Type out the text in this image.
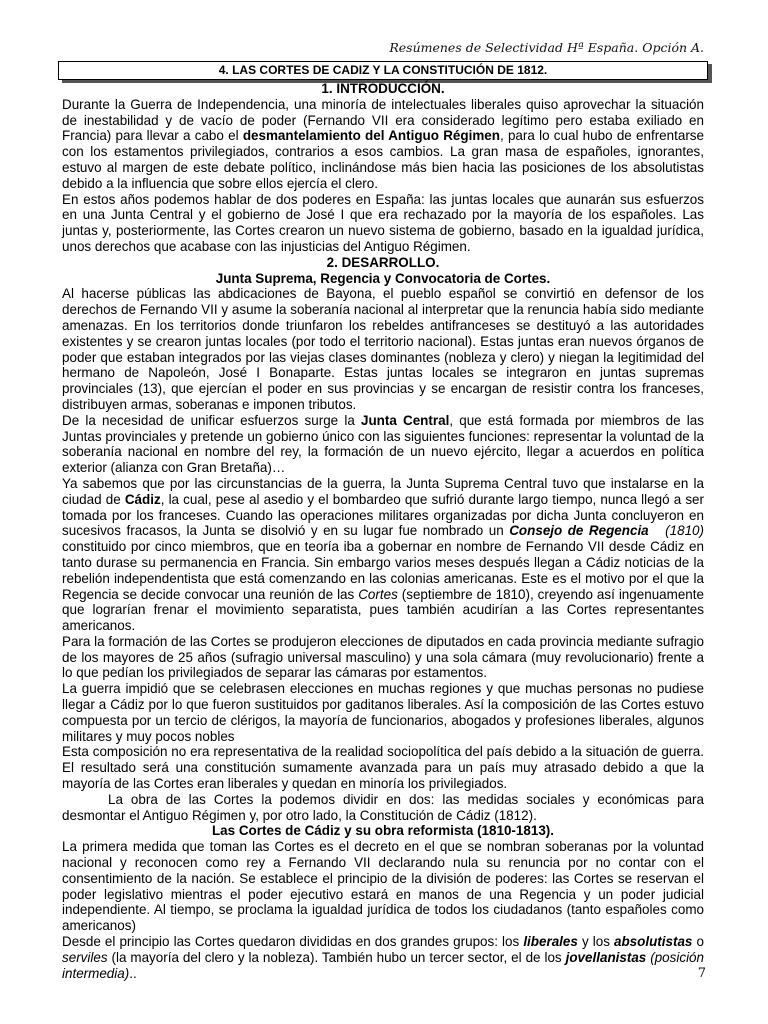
Resúmenes de Selectividad Hª España. Opción A.
4. LAS CORTES DE CADIZ Y LA CONSTITUCIÓN DE 1812.
1. INTRODUCCIÓN.

Durante la Guerra de Independencia, una minoría de intelectuales liberales quiso aprovechar la situación de inestabilidad y de vacío de poder (Fernando VII era considerado legítimo pero estaba exiliado en Francia) para llevar a cabo el desmantelamiento del Antiguo Régimen, para lo cual hubo de enfrentarse con los estamentos privilegiados, contrarios a esos cambios. La gran masa de españoles, ignorantes, estuvo al margen de este debate político, inclinándose más bien hacia las posiciones de los absolutistas debido a la influencia que sobre ellos ejercía el clero.

En estos años podemos hablar de dos poderes en España: las juntas locales que aunarán sus esfuerzos en una Junta Central y el gobierno de José I que era rechazado por la mayoría de los españoles. Las juntas y, posteriormente, las Cortes crearon un nuevo sistema de gobierno, basado en la igualdad jurídica, unos derechos que acabase con las injusticias del Antiguo Régimen.

2. DESARROLLO.
Junta Suprema, Regencia y Convocatoria de Cortes.

Al hacerse públicas las abdicaciones de Bayona, el pueblo español se convirtió en defensor de los derechos de Fernando VII y asume la soberanía nacional al interpretar que la renuncia había sido mediante amenazas. En los territorios donde triunfaron los rebeldes antifranceses se destituyó a las autoridades existentes y se crearon juntas locales (por todo el territorio nacional). Estas juntas eran nuevos órganos de poder que estaban integrados por las viejas clases dominantes (nobleza y clero) y niegan la legitimidad del hermano de Napoleón, José I Bonaparte. Estas juntas locales se integraron en juntas supremas provinciales (13), que ejercían el poder en sus provincias y se encargan de resistir contra los franceses, distribuyen armas, soberanas e imponen tributos.

De la necesidad de unificar esfuerzos surge la Junta Central, que está formada por miembros de las Juntas provinciales y pretende un gobierno único con las siguientes funciones: representar la voluntad de la soberanía nacional en nombre del rey, la formación de un nuevo ejército, llegar a acuerdos en política exterior (alianza con Gran Bretaña)…

Ya sabemos que por las circunstancias de la guerra, la Junta Suprema Central tuvo que instalarse en la ciudad de Cádiz, la cual, pese al asedio y el bombardeo que sufrió durante largo tiempo, nunca llegó a ser tomada por los franceses. Cuando las operaciones militares organizadas por dicha Junta concluyeron en sucesivos fracasos, la Junta se disolvió y en su lugar fue nombrado un Consejo de Regencia (1810) constituido por cinco miembros, que en teoría iba a gobernar en nombre de Fernando VII desde Cádiz en tanto durase su permanencia en Francia. Sin embargo varios meses después llegan a Cádiz noticias de la rebelión independentista que está comenzando en las colonias americanas. Este es el motivo por el que la Regencia se decide convocar una reunión de las Cortes (septiembre de 1810), creyendo así ingenuamente que lograrían frenar el movimiento separatista, pues también acudirían a las Cortes representantes americanos.

Para la formación de las Cortes se produjeron elecciones de diputados en cada provincia mediante sufragio de los mayores de 25 años (sufragio universal masculino) y una sola cámara (muy revolucionario) frente a lo que pedían los privilegiados de separar las cámaras por estamentos.

La guerra impidió que se celebrasen elecciones en muchas regiones y que muchas personas no pudiese llegar a Cádiz por lo que fueron sustituidos por gaditanos liberales. Así la composición de las Cortes estuvo compuesta por un tercio de clérigos, la mayoría de funcionarios, abogados y profesiones liberales, algunos militares y muy pocos nobles

Esta composición no era representativa de la realidad sociopolítica del país debido a la situación de guerra. El resultado será una constitución sumamente avanzada para un país muy atrasado debido a que la mayoría de las Cortes eran liberales y quedan en minoría los privilegiados.

La obra de las Cortes la podemos dividir en dos: las medidas sociales y económicas para desmontar el Antiguo Régimen y, por otro lado, la Constitución de Cádiz (1812).

Las Cortes de Cádiz y su obra reformista (1810-1813).

La primera medida que toman las Cortes es el decreto en el que se nombran soberanas por la voluntad nacional y reconocen como rey a Fernando VII declarando nula su renuncia por no contar con el consentimiento de la nación. Se establece el principio de la división de poderes: las Cortes se reservan el poder legislativo mientras el poder ejecutivo estará en manos de una Regencia y un poder judicial independiente. Al tiempo, se proclama la igualdad jurídica de todos los ciudadanos (tanto españoles como americanos)

Desde el principio las Cortes quedaron divididas en dos grandes grupos: los liberales y los absolutistas o serviles (la mayoría del clero y la nobleza). También hubo un tercer sector, el de los jovellanistas (posición intermedia)..	7
